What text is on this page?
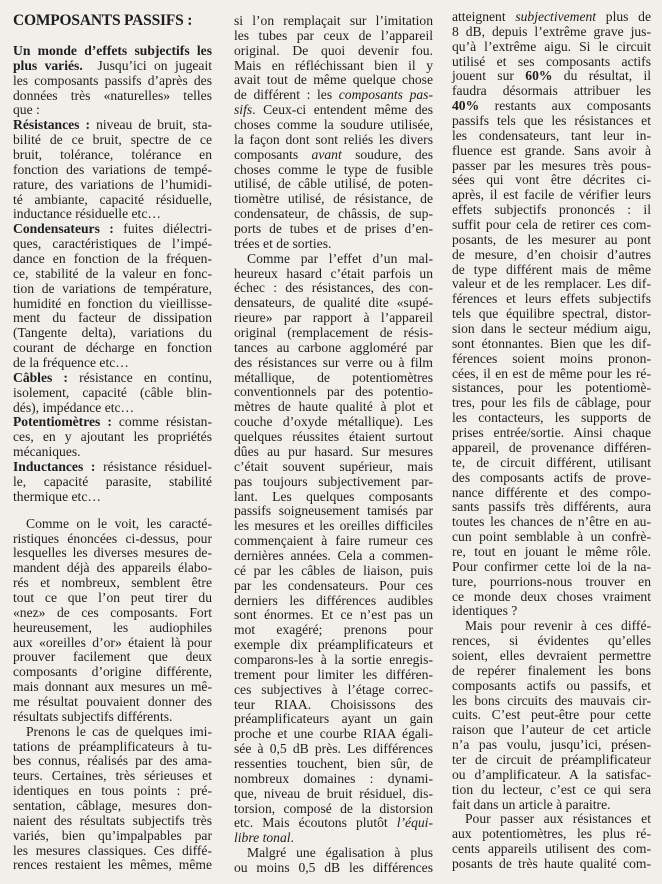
COMPOSANTS PASSIFS :
Un monde d’effets subjectifs les
plus variés.  Jusqu’ici on jugeait
les composants passifs d’après des
données très «naturelles» telles
que :
Résistances : niveau de bruit, sta-
bilité de ce bruit, spectre de ce
bruit, tolérance, tolérance en
fonction des variations de tempé-
rature, des variations de l’humidi-
té ambiante, capacité résiduelle,
inductance résiduelle etc…
Condensateurs : fuites diélectri-
ques, caractéristiques de l’impé-
dance en fonction de la fréquen-
ce, stabilité de la valeur en fonc-
tion de variations de température,
humidité en fonction du vieillisse-
ment du facteur de dissipation
(Tangente delta), variations du
courant de décharge en fonction
de la fréquence etc…
Câbles : résistance en continu,
isolement, capacité (câble blin-
dés), impédance etc…
Potentiomètres : comme résistan-
ces, en y ajoutant les propriétés
mécaniques.
Inductances : résistance résiduel-
le, capacité parasite, stabilité
thermique etc…
Comme on le voit, les caracté-
ristiques énoncées ci-dessus, pour
lesquelles les diverses mesures de-
mandent déjà des appareils élabo-
rés et nombreux, semblent être
tout ce que l’on peut tirer du
«nez» de ces composants. Fort
heureusement, les audiophiles
aux «oreilles d’or» étaient là pour
prouver facilement que deux
composants d’origine différente,
mais donnant aux mesures un mê-
me résultat pouvaient donner des
résultats subjectifs différents.
Prenons le cas de quelques imi-
tations de préamplificateurs à tu-
bes connus, réalisés par des ama-
teurs. Certaines, très sérieuses et
identiques en tous points : pré-
sentation, câblage, mesures don-
naient des résultats subjectifs très
variés, bien qu’impalpables par
les mesures classiques. Ces diffé-
rences restaient les mêmes, même
si l’on remplaçait sur l’imitation
les tubes par ceux de l’appareil
original. De quoi devenir fou.
Mais en réfléchissant bien il y
avait tout de même quelque chose
de différent : les composants pas-
sifs. Ceux-ci entendent même des
choses comme la soudure utilisée,
la façon dont sont reliés les divers
composants avant soudure, des
choses comme le type de fusible
utilisé, de câble utilisé, de poten-
tiomètre utilisé, de résistance, de
condensateur, de châssis, de sup-
ports de tubes et de prises d’en-
trées et de sorties.
Comme par l’effet d’un mal-
heureux hasard c’était parfois un
échec : des résistances, des con-
densateurs, de qualité dite «supé-
rieure» par rapport à l’appareil
original (remplacement de résis-
tances au carbone aggloméré par
des résistances sur verre ou à film
métallique, de potentiomètres
conventionnels par des potentio-
mètres de haute qualité à plot et
couche d’oxyde métallique). Les
quelques réussites étaient surtout
dûes au pur hasard. Sur mesures
c’était souvent supérieur, mais
pas toujours subjectivement par-
lant. Les quelques composants
passifs soigneusement tamisés par
les mesures et les oreilles difficiles
commençaient à faire rumeur ces
dernières années. Cela a commen-
cé par les câbles de liaison, puis
par les condensateurs. Pour ces
derniers les différences audibles
sont énormes. Et ce n’est pas un
mot exagéré; prenons pour
exemple dix préamplificateurs et
comparons-les à la sortie enregis-
trement pour limiter les différen-
ces subjectives à l’étage correc-
teur RIAA. Choisissons des
préamplificateurs ayant un gain
proche et une courbe RIAA égali-
sée à 0,5 dB près. Les différences
ressenties touchent, bien sûr, de
nombreux domaines : dynami-
que, niveau de bruit résiduel, dis-
torsion, composé de la distorsion
etc. Mais écoutons plutôt l’équi-
libre tonal.
Malgré une égalisation à plus
ou moins 0,5 dB les différences
atteignent subjectivement plus de
8 dB, depuis l’extrême grave jus-
qu’à l’extrême aigu. Si le circuit
utilisé et ses composants actifs
jouent sur 60% du résultat, il
faudra désormais attribuer les
40% restants aux composants
passifs tels que les résistances et
les condensateurs, tant leur in-
fluence est grande. Sans avoir à
passer par les mesures très pous-
sées qui vont être décrites ci-
après, il est facile de vérifier leurs
effets subjectifs prononcés : il
suffit pour cela de retirer ces com-
posants, de les mesurer au pont
de mesure, d’en choisir d’autres
de type différent mais de même
valeur et de les remplacer. Les dif-
férences et leurs effets subjectifs
tels que équilibre spectral, distor-
sion dans le secteur médium aigu,
sont étonnantes. Bien que les dif-
férences soient moins pronon-
cées, il en est de même pour les ré-
sistances, pour les potentiomè-
tres, pour les fils de câblage, pour
les contacteurs, les supports de
prises entrée/sortie. Ainsi chaque
appareil, de provenance différen-
te, de circuit différent, utilisant
des composants actifs de prove-
nance différente et des compo-
sants passifs très différents, aura
toutes les chances de n’être en au-
cun point semblable à un confrè-
re, tout en jouant le même rôle.
Pour confirmer cette loi de la na-
ture, pourrions-nous trouver en
ce monde deux choses vraiment
identiques ?
Mais pour revenir à ces diffé-
rences, si évidentes qu’elles
soient, elles devraient permettre
de repérer finalement les bons
composants actifs ou passifs, et
les bons circuits des mauvais cir-
cuits. C’est peut-être pour cette
raison que l’auteur de cet article
n’a pas voulu, jusqu’ici, présen-
ter de circuit de préamplificateur
ou d’amplificateur. A la satisfac-
tion du lecteur, c’est ce qui sera
fait dans un article à paraitre.
Pour passer aux résistances et
aux potentiomètres, les plus ré-
cents appareils utilisent des com-
posants de très haute qualité com-
